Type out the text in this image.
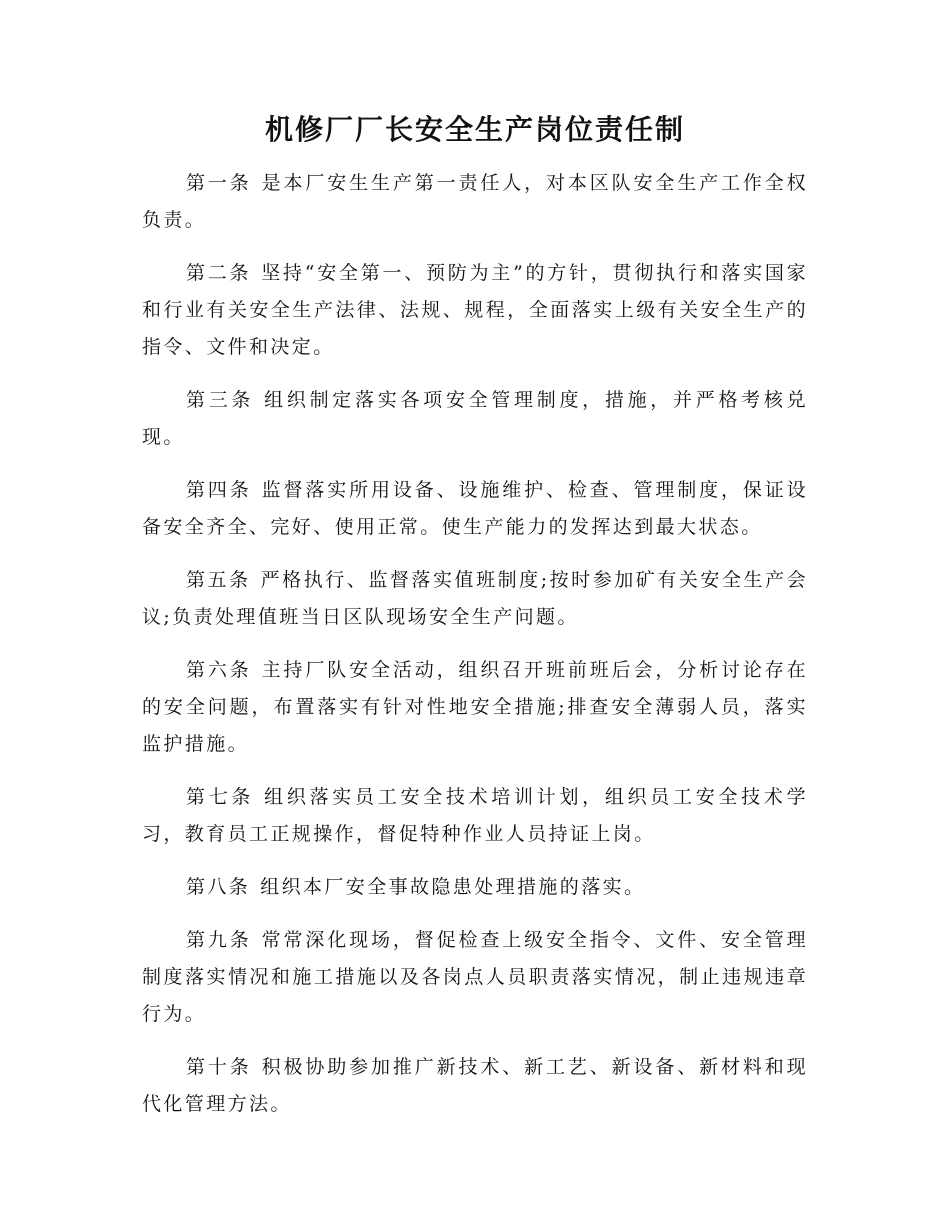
机修厂厂长安全生产岗位责任制

第一条 是本厂安生生产第一责任人，对本区队安全生产工作全权负责。

第二条 坚持“安全第一、预防为主”的方针，贯彻执行和落实国家和行业有关安全生产法律、法规、规程，全面落实上级有关安全生产的指令、文件和决定。

第三条 组织制定落实各项安全管理制度，措施，并严格考核兑现。

第四条 监督落实所用设备、设施维护、检查、管理制度，保证设备安全齐全、完好、使用正常。使生产能力的发挥达到最大状态。

第五条 严格执行、监督落实值班制度;按时参加矿有关安全生产会议;负责处理值班当日区队现场安全生产问题。

第六条 主持厂队安全活动，组织召开班前班后会，分析讨论存在的安全问题，布置落实有针对性地安全措施;排查安全薄弱人员，落实监护措施。

第七条 组织落实员工安全技术培训计划，组织员工安全技术学习，教育员工正规操作，督促特种作业人员持证上岗。

第八条 组织本厂安全事故隐患处理措施的落实。

第九条 常常深化现场，督促检查上级安全指令、文件、安全管理制度落实情况和施工措施以及各岗点人员职责落实情况，制止违规违章行为。

第十条 积极协助参加推广新技术、新工艺、新设备、新材料和现代化管理方法。
